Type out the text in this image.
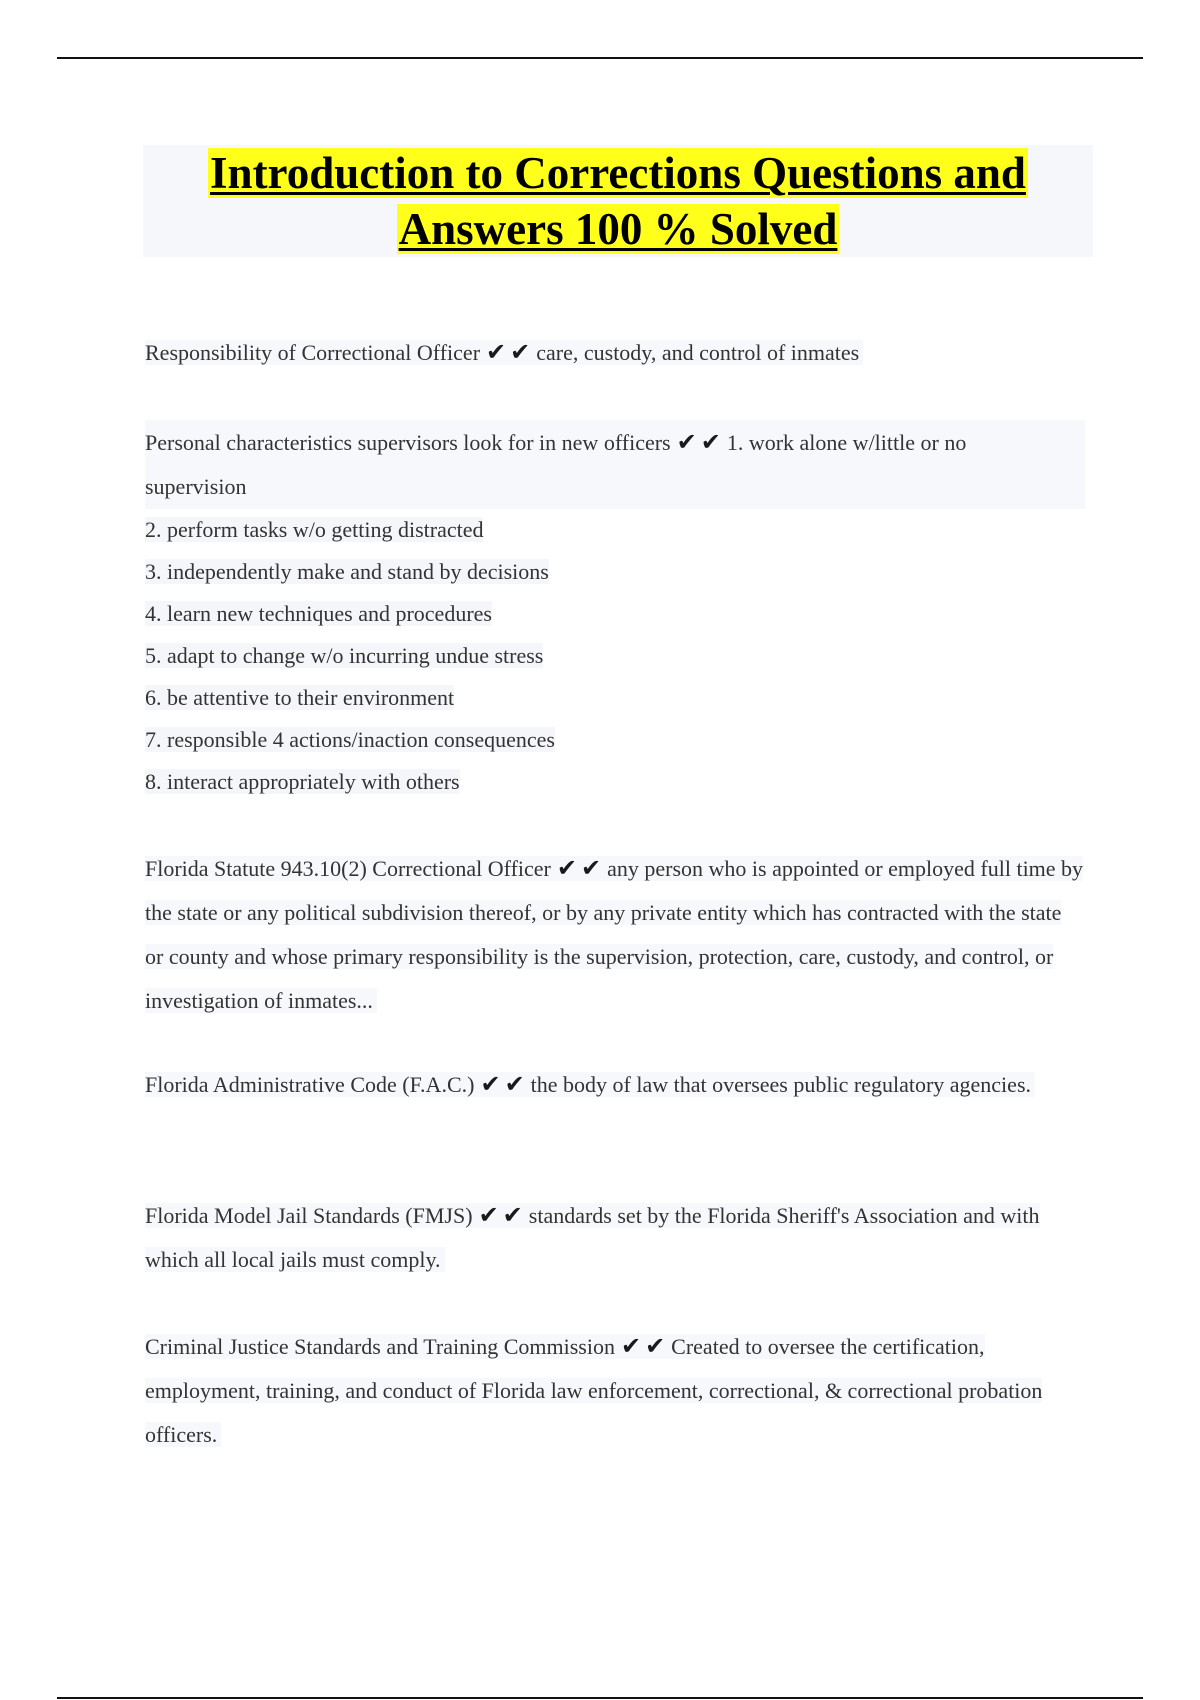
Introduction to Corrections Questions and
Answers 100 % Solved
Responsibility of Correctional Officer ✔✔care, custody, and control of inmates
Personal characteristics supervisors look for in new officers ✔✔1. work alone w/little or no
supervision
2. perform tasks w/o getting distracted
3. independently make and stand by decisions
4. learn new techniques and procedures
5. adapt to change w/o incurring undue stress
6. be attentive to their environment
7. responsible 4 actions/inaction consequences
8. interact appropriately with others
Florida Statute 943.10(2) Correctional Officer ✔✔any person who is appointed or employed full time by the state or any political subdivision thereof, or by any private entity which has contracted with the state or county and whose primary responsibility is the supervision, protection, care, custody, and control, or investigation of inmates...
Florida Administrative Code (F.A.C.) ✔✔the body of law that oversees public regulatory agencies.
Florida Model Jail Standards (FMJS) ✔✔standards set by the Florida Sheriff's Association and with which all local jails must comply.
Criminal Justice Standards and Training Commission ✔✔Created to oversee the certification, employment, training, and conduct of Florida law enforcement, correctional, & correctional probation officers.
